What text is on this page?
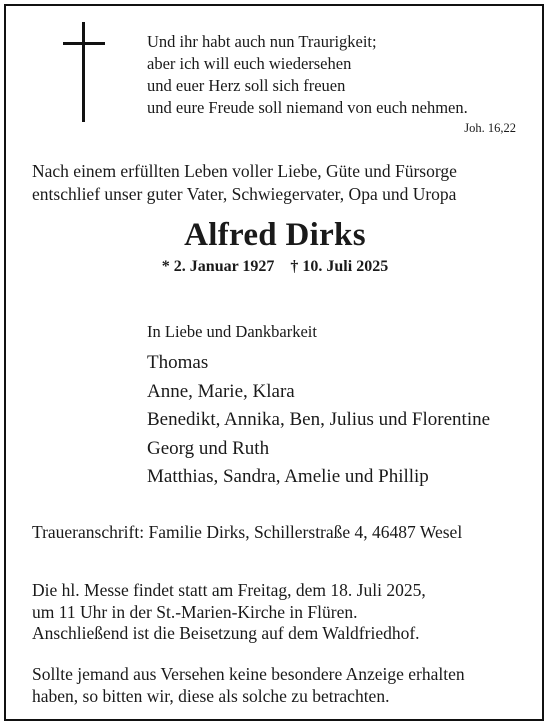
Und ihr habt auch nun Traurigkeit;
aber ich will euch wiedersehen
und euer Herz soll sich freuen
und eure Freude soll niemand von euch nehmen.
Joh. 16,22
Nach einem erfüllten Leben voller Liebe, Güte und Fürsorge
entschlief unser guter Vater, Schwiegervater, Opa und Uropa
Alfred Dirks
* 2. Januar 1927 † 10. Juli 2025
In Liebe und Dankbarkeit
Thomas
Anne, Marie, Klara
Benedikt, Annika, Ben, Julius und Florentine
Georg und Ruth
Matthias, Sandra, Amelie und Phillip
Traueranschrift: Familie Dirks, Schillerstraße 4, 46487 Wesel
Die hl. Messe findet statt am Freitag, dem 18. Juli 2025,
um 11 Uhr in der St.-Marien-Kirche in Flüren.
Anschließend ist die Beisetzung auf dem Waldfriedhof.
Sollte jemand aus Versehen keine besondere Anzeige erhalten
haben, so bitten wir, diese als solche zu betrachten.
